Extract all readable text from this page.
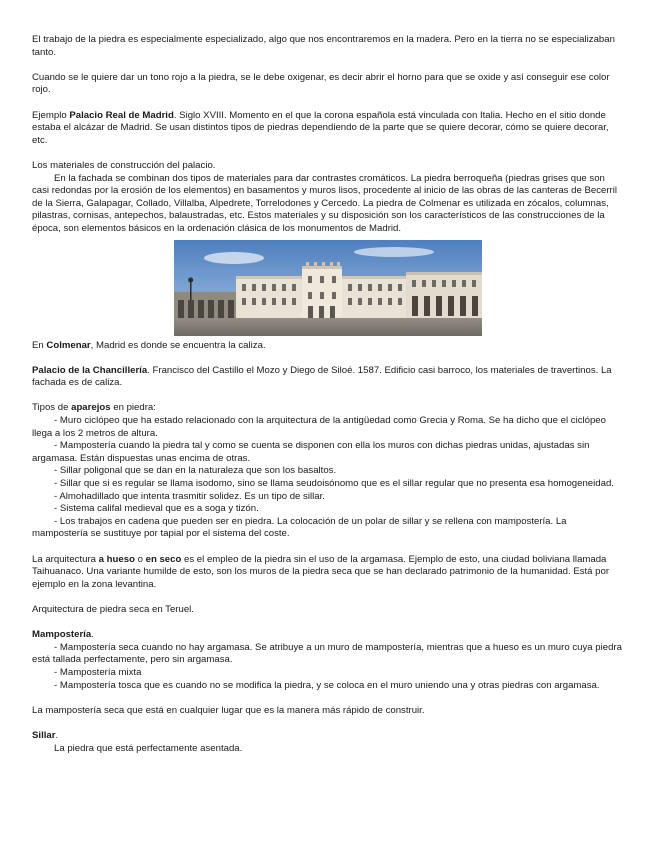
El trabajo de la piedra es especialmente especializado, algo que nos encontraremos en la madera. Pero en la tierra no se especializaban tanto.

Cuando se le quiere dar un tono rojo a la piedra, se le debe oxigenar, es decir abrir el horno para que se oxide y así conseguir ese color rojo.

Ejemplo Palacio Real de Madrid. Siglo XVIII. Momento en el que la corona española está vinculada con Italia. Hecho en el sitio donde estaba el alcázar de Madrid. Se usan distintos tipos de piedras dependiendo de la parte que se quiere decorar, cómo se quiere decorar, etc.

Los materiales de construcción del palacio.

En la fachada se combinan dos tipos de materiales para dar contrastes cromáticos. La piedra berroqueña (piedras grises que son casi redondas por la erosión de los elementos) en basamentos y muros lisos, procedente al inicio de las obras de las canteras de Becerril de la Sierra, Galapagar, Collado, Villalba, Alpedrete, Torrelodones y Cercedo. La piedra de Colmenar es utilizada en zócalos, columnas, pilastras, cornisas, antepechos, balaustradas, etc. Estos materiales y su disposición son los característicos de las construcciones de la época, son elementos básicos en la ordenación clásica de los monumentos de Madrid.

En Colmenar, Madrid es donde se encuentra la caliza.

Palacio de la Chancillería. Francisco del Castillo el Mozo y Diego de Siloé. 1587. Edificio casi barroco, los materiales de travertinos. La fachada es de caliza.

Tipos de aparejos en piedra:

- Muro ciclópeo que ha estado relacionado con la arquitectura de la antigüedad como Grecia y Roma. Se ha dicho que el ciclópeo llega a los 2 metros de altura.

- Mampostería cuando la piedra tal y como se cuenta se disponen con ella los muros con dichas piedras unidas, ajustadas sin argamasa. Están dispuestas unas encima de otras.

- Sillar poligonal que se dan en la naturaleza que son los basaltos.

- Sillar que si es regular se llama isodomo, sino se llama seudoisónomo que es el sillar regular que no presenta esa homogeneidad.

- Almohadillado que intenta trasmitir solidez. Es un tipo de sillar.

- Sistema califal medieval que es a soga y tizón.

- Los trabajos en cadena que pueden ser en piedra. La colocación de un polar de sillar y se rellena con mampostería. La mampostería se sustituye por tapial por el sistema del coste.

La arquitectura a hueso o en seco es el empleo de la piedra sin el uso de la argamasa. Ejemplo de esto, una ciudad boliviana llamada Taihuanaco. Una variante humilde de esto, son los muros de la piedra seca que se han declarado patrimonio de la humanidad. Está por ejemplo en la zona levantina.

Arquitectura de piedra seca en Teruel.

Mampostería.

- Mampostería seca cuando no hay argamasa. Se atribuye a un muro de mampostería, mientras que a hueso es un muro cuya piedra está tallada perfectamente, pero sin argamasa.

- Mampostería mixta

- Mampostería tosca que es cuando no se modifica la piedra, y se coloca en el muro uniendo una y otras piedras con argamasa.

La mampostería seca que está en cualquier lugar que es la manera más rápido de construir.

Sillar.

La piedra que está perfectamente asentada.
